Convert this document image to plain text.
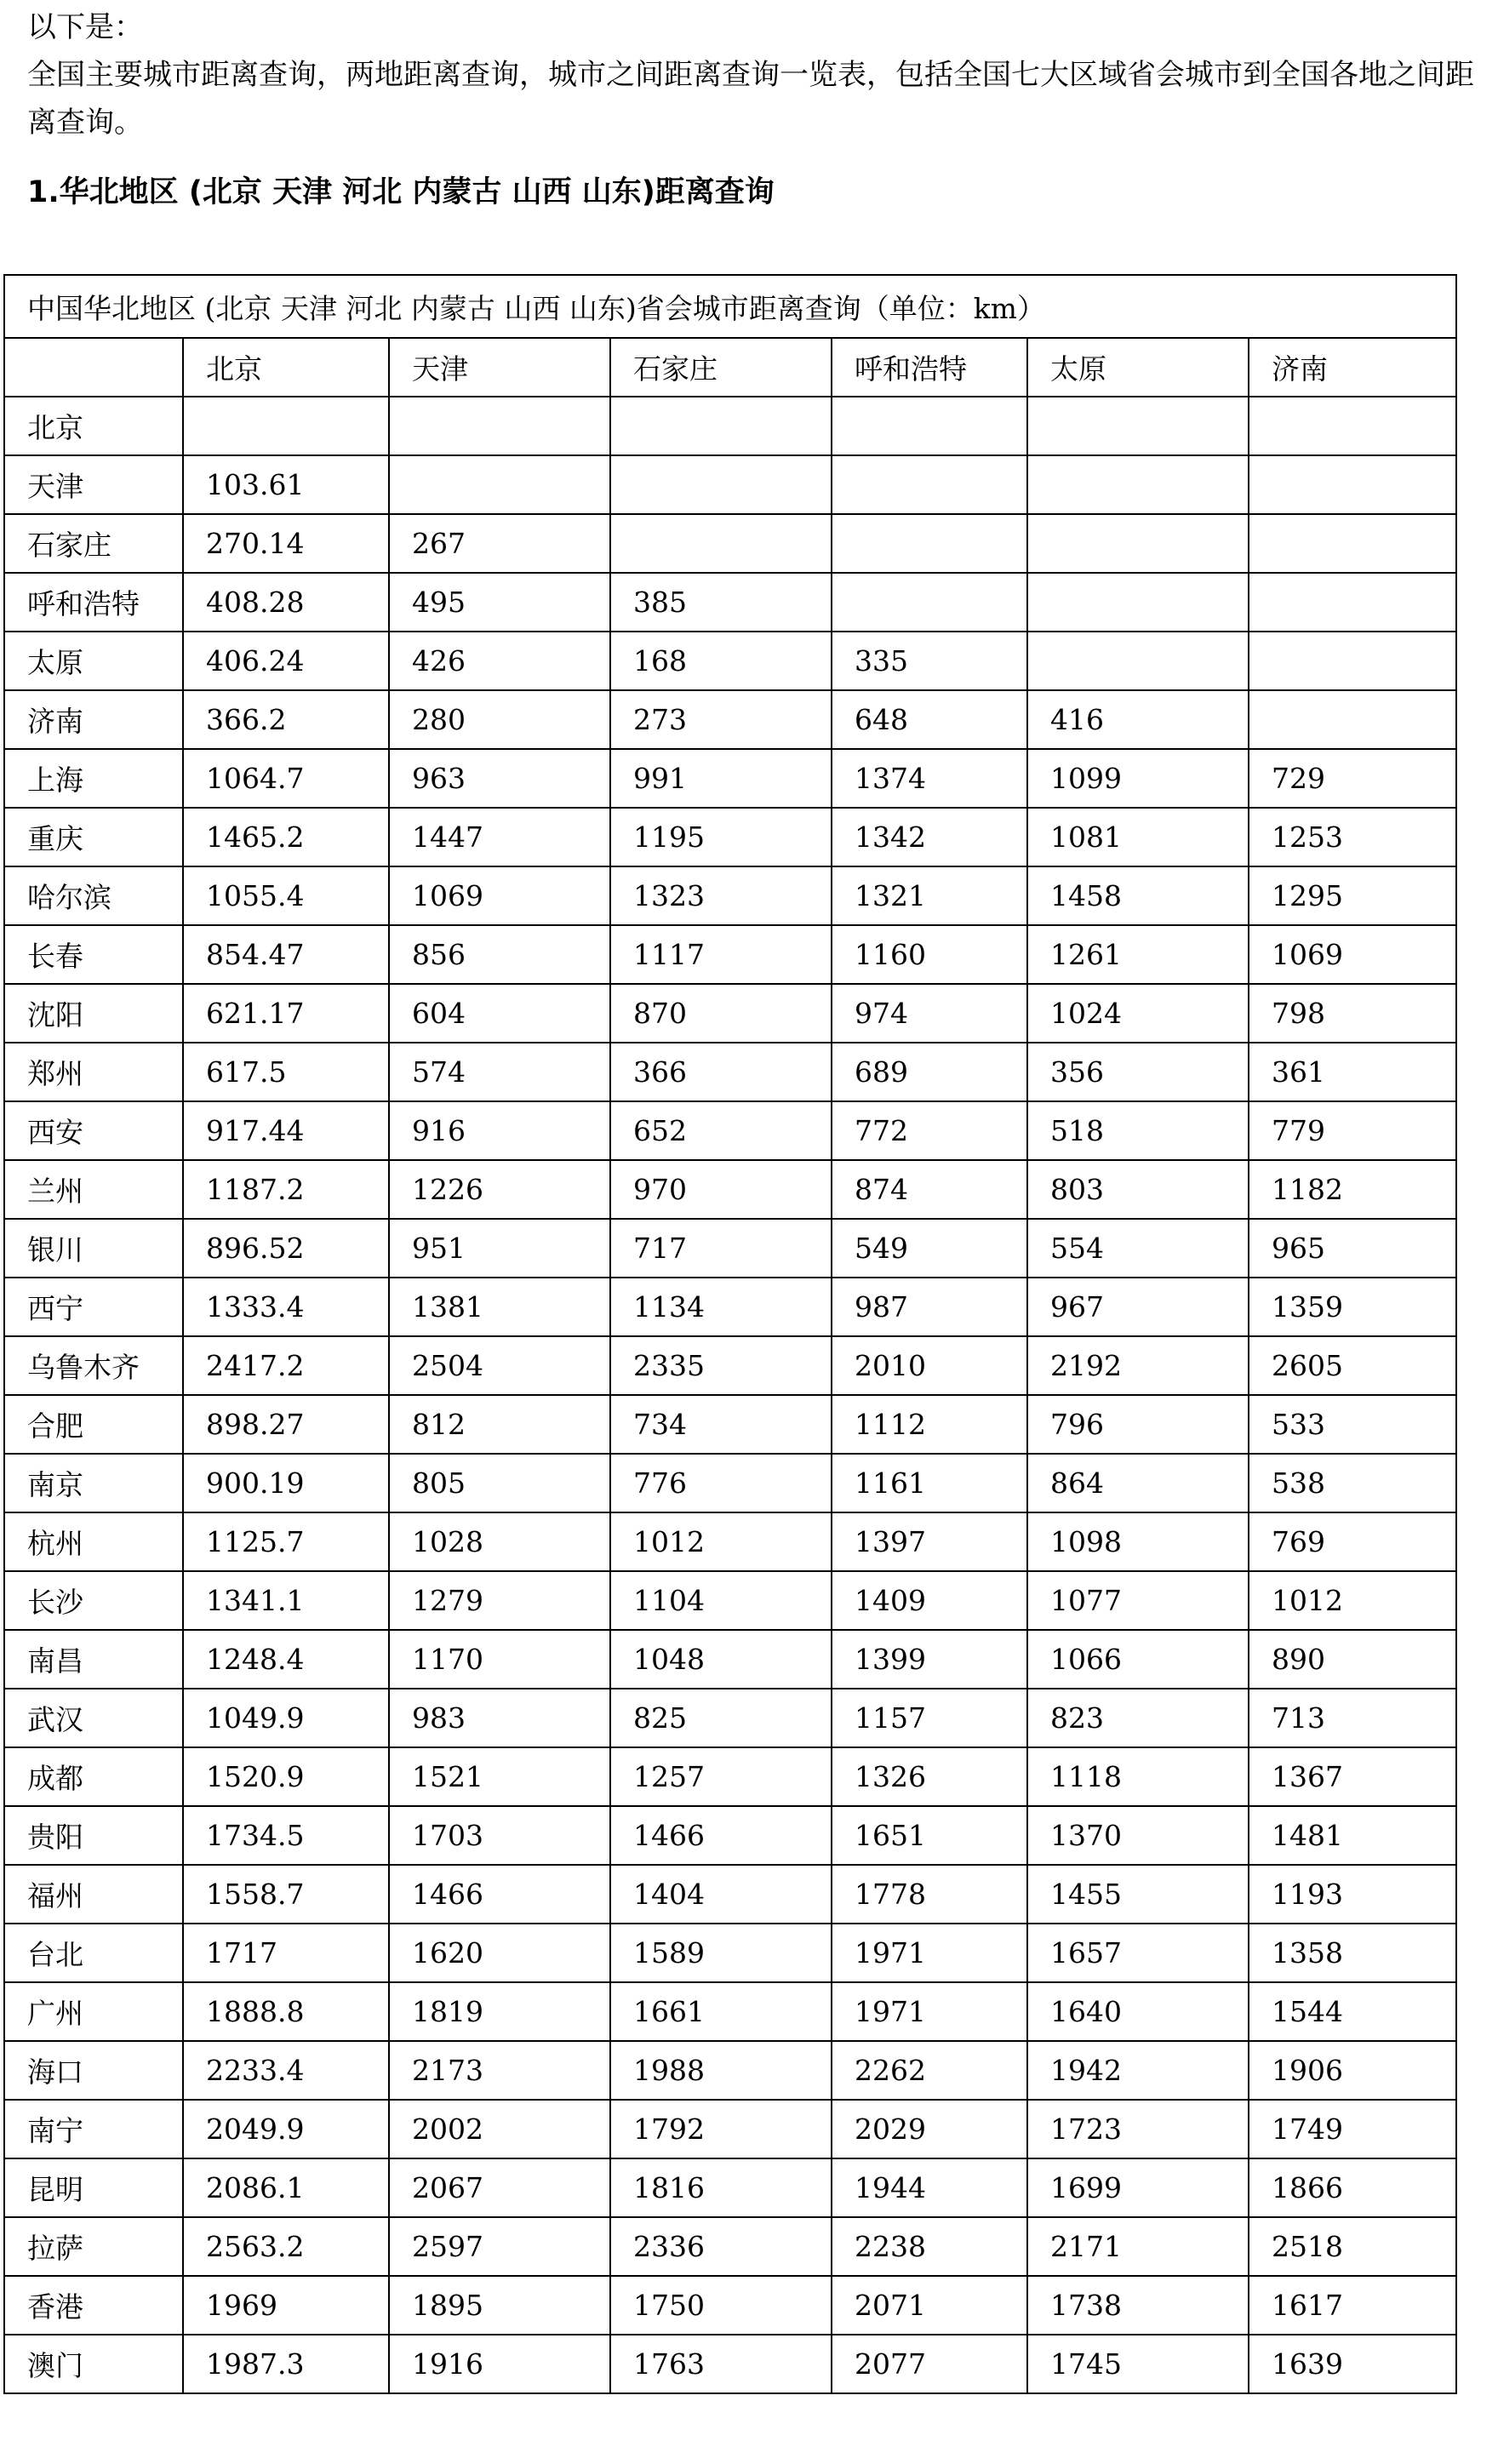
以下是：

全国主要城市距离查询，两地距离查询，城市之间距离查询一览表，包括全国七大区域省会城市到全国各地之间距离查询。

1.华北地区 (北京 天津 河北 内蒙古 山西 山东)距离查询
中国华北地区 (北京 天津 河北 内蒙古 山西 山东)省会城市距离查询（单位：km）						
	北京	天津	石家庄	呼和浩特	太原	济南
北京						
天津	103.61					
石家庄	270.14	267				
呼和浩特	408.28	495	385			
太原	406.24	426	168	335		
济南	366.2	280	273	648	416	
上海	1064.7	963	991	1374	1099	729
重庆	1465.2	1447	1195	1342	1081	1253
哈尔滨	1055.4	1069	1323	1321	1458	1295
长春	854.47	856	1117	1160	1261	1069
沈阳	621.17	604	870	974	1024	798
郑州	617.5	574	366	689	356	361
西安	917.44	916	652	772	518	779
兰州	1187.2	1226	970	874	803	1182
银川	896.52	951	717	549	554	965
西宁	1333.4	1381	1134	987	967	1359
乌鲁木齐	2417.2	2504	2335	2010	2192	2605
合肥	898.27	812	734	1112	796	533
南京	900.19	805	776	1161	864	538
杭州	1125.7	1028	1012	1397	1098	769
长沙	1341.1	1279	1104	1409	1077	1012
南昌	1248.4	1170	1048	1399	1066	890
武汉	1049.9	983	825	1157	823	713
成都	1520.9	1521	1257	1326	1118	1367
贵阳	1734.5	1703	1466	1651	1370	1481
福州	1558.7	1466	1404	1778	1455	1193
台北	1717	1620	1589	1971	1657	1358
广州	1888.8	1819	1661	1971	1640	1544
海口	2233.4	2173	1988	2262	1942	1906
南宁	2049.9	2002	1792	2029	1723	1749
昆明	2086.1	2067	1816	1944	1699	1866
拉萨	2563.2	2597	2336	2238	2171	2518
香港	1969	1895	1750	2071	1738	1617
澳门	1987.3	1916	1763	2077	1745	1639
